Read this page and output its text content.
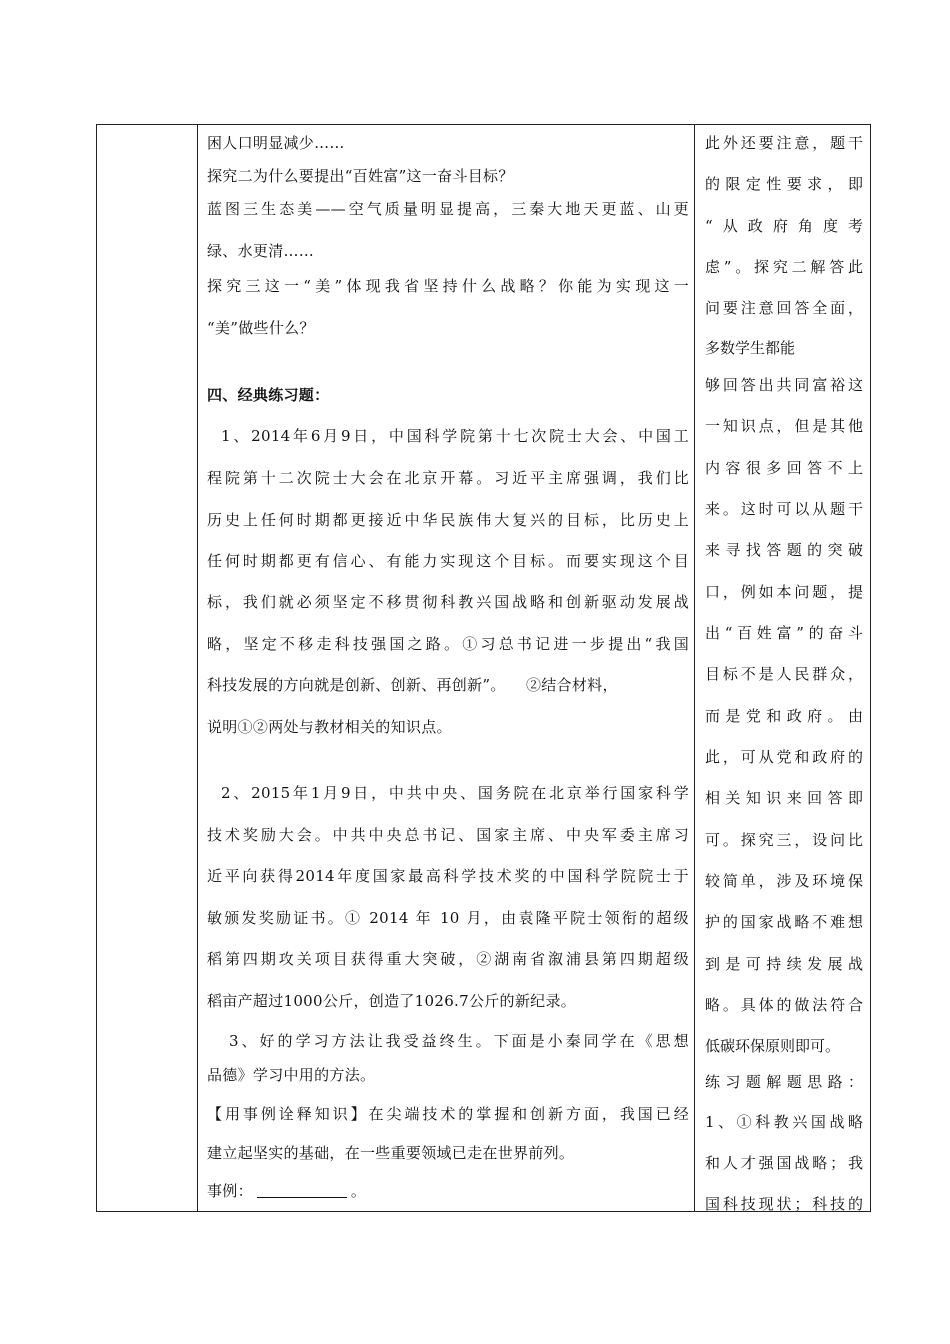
困人口明显减少……
探究二为什么要提出“百姓富”这一奋斗目标？
蓝图三生态美——空气质量明显提高，三秦大地天更蓝、山更
绿、水更清……
探究三这一“美”体现我省坚持什么战略？你能为实现这一
“美”做些什么？
四、经典练习题：
1、2014年6月9日，中国科学院第十七次院士大会、中国工
程院第十二次院士大会在北京开幕。习近平主席强调，我们比
历史上任何时期都更接近中华民族伟大复兴的目标，比历史上
任何时期都更有信心、有能力实现这个目标。而要实现这个目
标，我们就必须坚定不移贯彻科教兴国战略和创新驱动发展战
略，坚定不移走科技强国之路。①习总书记进一步提出“我国
科技发展的方向就是创新、创新、再创新”。    ②结合材料，
说明①②两处与教材相关的知识点。
2、2015年1月9日，中共中央、国务院在北京举行国家科学
技术奖励大会。中共中央总书记、国家主席、中央军委主席习
近平向获得2014年度国家最高科学技术奖的中国科学院院士于
敏颁发奖励证书。① 2014 年 10 月，由袁隆平院士领衔的超级
稻第四期攻关项目获得重大突破，②湖南省溆浦县第四期超级
稻亩产超过1000公斤，创造了1026.7公斤的新纪录。
3、好的学习方法让我受益终生。下面是小秦同学在《思想
品德》学习中用的方法。
【用事例诠释知识】在尖端技术的掌握和创新方面，我国已经
建立起坚实的基础，在一些重要领域已走在世界前列。
事例：	。
此外还要注意，题干
的限定性要求，即
“从政府角度考
虑”。探究二解答此
问要注意回答全面，
多数学生都能
够回答出共同富裕这
一知识点，但是其他
内容很多回答不上
来。这时可以从题干
来寻找答题的突破
口，例如本问题，提
出“百姓富”的奋斗
目标不是人民群众，
而是党和政府。由
此，可从党和政府的
相关知识来回答即
可。探究三，设问比
较简单，涉及环境保
护的国家战略不难想
到是可持续发展战
略。具体的做法符合
低碳环保原则即可。
练习题解题思路：
1、①科教兴国战略
和人才强国战略；我
国科技现状；科技的
